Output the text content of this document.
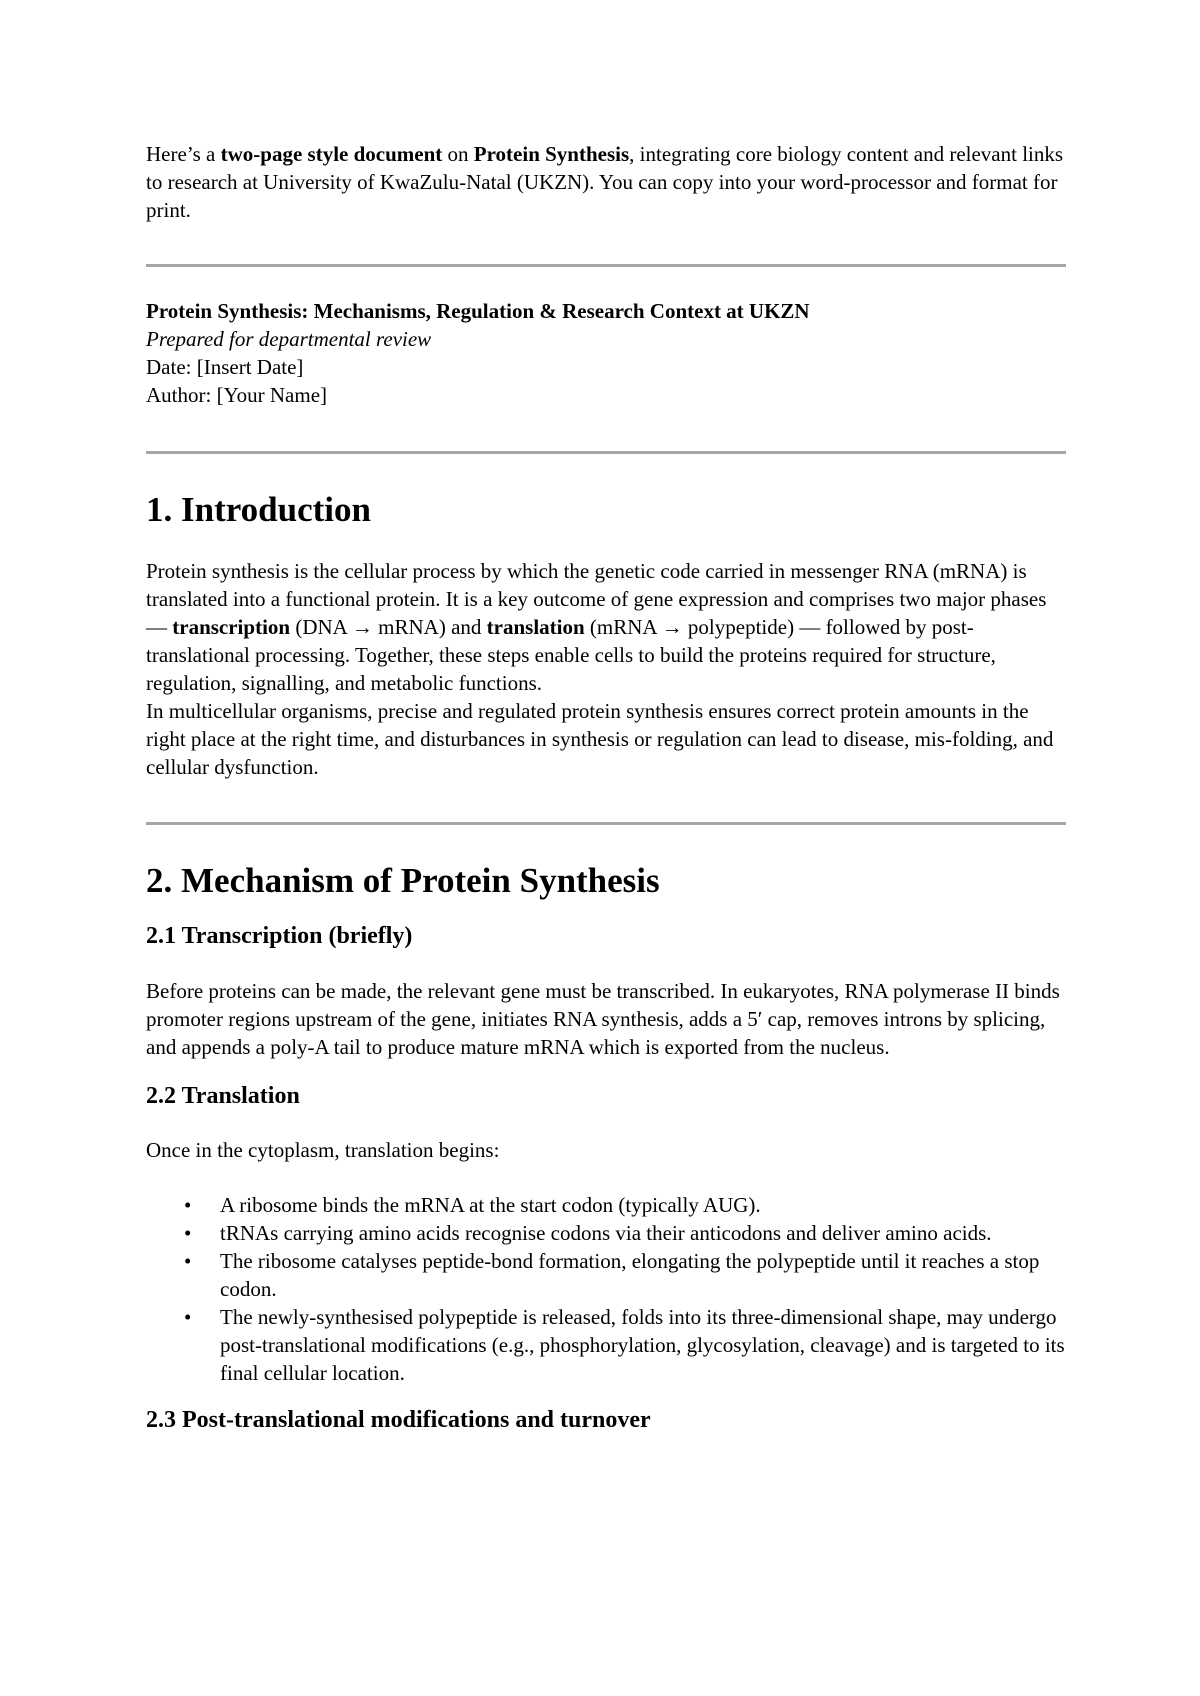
Here’s a two-page style document on Protein Synthesis, integrating core biology content and relevant links to research at University of KwaZulu-Natal (UKZN). You can copy into your word-processor and format for print.

Protein Synthesis: Mechanisms, Regulation & Research Context at UKZN

Prepared for departmental review

Date: [Insert Date]

Author: [Your Name]

1. Introduction

Protein synthesis is the cellular process by which the genetic code carried in messenger RNA (mRNA) is translated into a functional protein. It is a key outcome of gene expression and comprises two major phases — transcription (DNA → mRNA) and translation (mRNA → polypeptide) — followed by post-translational processing. Together, these steps enable cells to build the proteins required for structure, regulation, signalling, and metabolic functions.

In multicellular organisms, precise and regulated protein synthesis ensures correct protein amounts in the right place at the right time, and disturbances in synthesis or regulation can lead to disease, mis-folding, and cellular dysfunction.

2. Mechanism of Protein Synthesis
2.1 Transcription (briefly)

Before proteins can be made, the relevant gene must be transcribed. In eukaryotes, RNA polymerase II binds promoter regions upstream of the gene, initiates RNA synthesis, adds a 5′ cap, removes introns by splicing, and appends a poly-A tail to produce mature mRNA which is exported from the nucleus.

2.2 Translation

Once in the cytoplasm, translation begins:

• A ribosome binds the mRNA at the start codon (typically AUG).
• tRNAs carrying amino acids recognise codons via their anticodons and deliver amino acids.
• The ribosome catalyses peptide-bond formation, elongating the polypeptide until it reaches a stop codon.
• The newly-synthesised polypeptide is released, folds into its three-dimensional shape, may undergo post-translational modifications (e.g., phosphorylation, glycosylation, cleavage) and is targeted to its final cellular location.
2.3 Post-translational modifications and turnover
